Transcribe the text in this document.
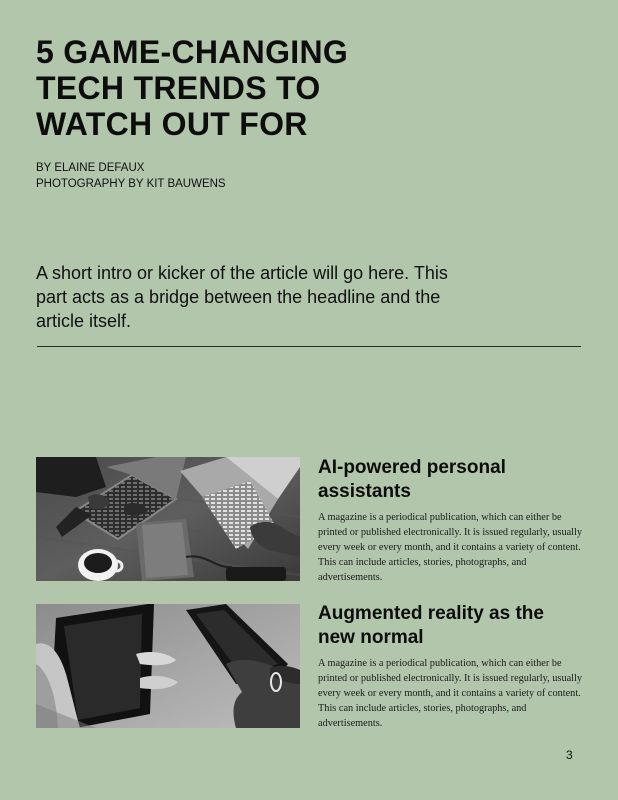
5 GAME-CHANGING TECH TRENDS TO WATCH OUT FOR
BY ELAINE DEFAUX
PHOTOGRAPHY BY KIT BAUWENS
A short intro or kicker of the article will go here. This part acts as a bridge between the headline and the article itself.
AI-powered personal assistants

A magazine is a periodical publication, which can either be printed or published electronically. It is issued regularly, usually every week or every month, and it contains a variety of content. This can include articles, stories, photographs, and advertisements.

Augmented reality as the new normal

A magazine is a periodical publication, which can either be printed or published electronically. It is issued regularly, usually every week or every month, and it contains a variety of content. This can include articles, stories, photographs, and advertisements.

3
